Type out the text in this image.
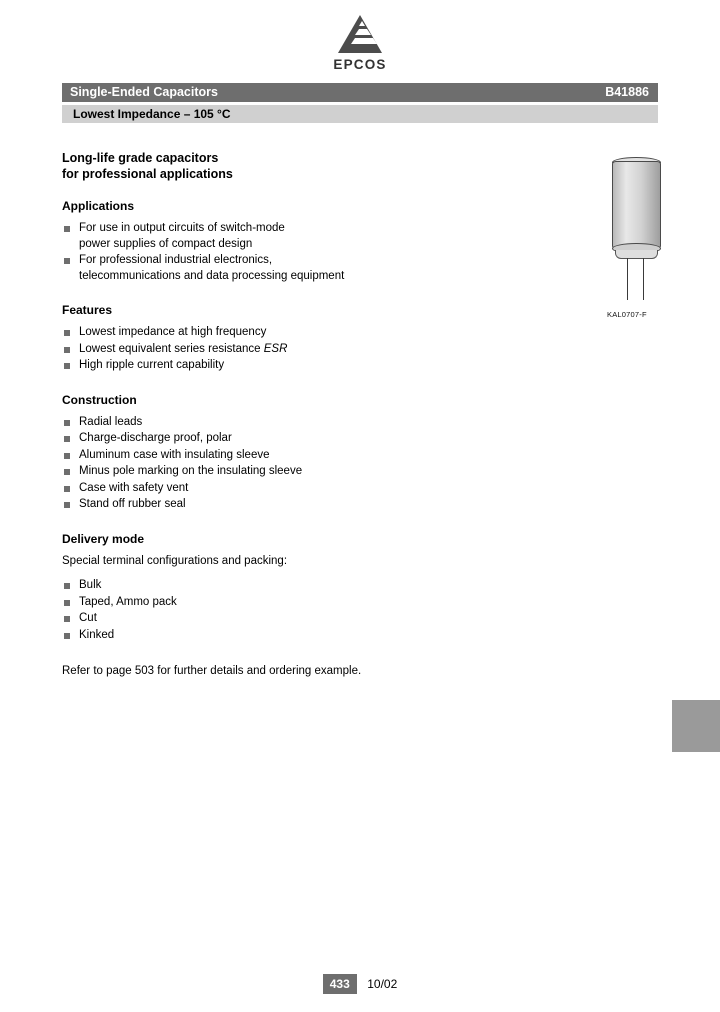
EPCOS
Single-Ended Capacitors	B41886
Lowest Impedance – 105 °C
KAL0707-F
Long-life grade capacitors
for professional applications
Applications
For use in output circuits of switch-mode
power supplies of compact design
For professional industrial electronics,
telecommunications and data processing equipment
Features
Lowest impedance at high frequency
Lowest equivalent series resistance ESR
High ripple current capability
Construction
Radial leads
Charge-discharge proof, polar
Aluminum case with insulating sleeve
Minus pole marking on the insulating sleeve
Case with safety vent
Stand off rubber seal
Delivery mode

Special terminal configurations and packing:

Bulk
Taped, Ammo pack
Cut
Kinked

Refer to page 503 for further details and ordering example.

433 10/02
